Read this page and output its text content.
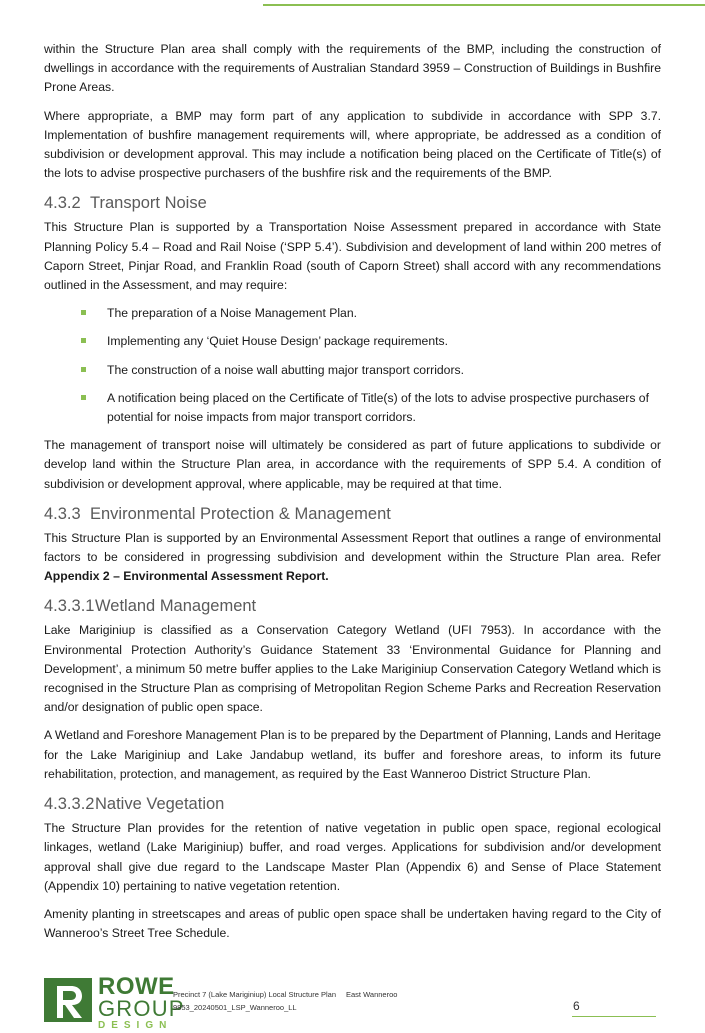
within the Structure Plan area shall comply with the requirements of the BMP, including the construction of dwellings in accordance with the requirements of Australian Standard 3959 – Construction of Buildings in Bushfire Prone Areas.

Where appropriate, a BMP may form part of any application to subdivide in accordance with SPP 3.7. Implementation of bushfire management requirements will, where appropriate, be addressed as a condition of subdivision or development approval. This may include a notification being placed on the Certificate of Title(s) of the lots to advise prospective purchasers of the bushfire risk and the requirements of the BMP.

4.3.2 Transport Noise

This Structure Plan is supported by a Transportation Noise Assessment prepared in accordance with State Planning Policy 5.4 – Road and Rail Noise (‘SPP 5.4’). Subdivision and development of land within 200 metres of Caporn Street, Pinjar Road, and Franklin Road (south of Caporn Street) shall accord with any recommendations outlined in the Assessment, and may require:

The preparation of a Noise Management Plan.
Implementing any ‘Quiet House Design’ package requirements.
The construction of a noise wall abutting major transport corridors.
A notification being placed on the Certificate of Title(s) of the lots to advise prospective purchasers of potential for noise impacts from major transport corridors.

The management of transport noise will ultimately be considered as part of future applications to subdivide or develop land within the Structure Plan area, in accordance with the requirements of SPP 5.4. A condition of subdivision or development approval, where applicable, may be required at that time.

4.3.3 Environmental Protection & Management

This Structure Plan is supported by an Environmental Assessment Report that outlines a range of environmental factors to be considered in progressing subdivision and development within the Structure Plan area. Refer Appendix 2 – Environmental Assessment Report.

4.3.3.1Wetland Management

Lake Mariginiup is classified as a Conservation Category Wetland (UFI 7953). In accordance with the Environmental Protection Authority’s Guidance Statement 33 ‘Environmental Guidance for Planning and Development’, a minimum 50 metre buffer applies to the Lake Mariginiup Conservation Category Wetland which is recognised in the Structure Plan as comprising of Metropolitan Region Scheme Parks and Recreation Reservation and/or designation of public open space.

A Wetland and Foreshore Management Plan is to be prepared by the Department of Planning, Lands and Heritage for the Lake Mariginiup and Lake Jandabup wetland, its buffer and foreshore areas, to inform its future rehabilitation, protection, and management, as required by the East Wanneroo District Structure Plan.

4.3.3.2Native Vegetation

The Structure Plan provides for the retention of native vegetation in public open space, regional ecological linkages, wetland (Lake Mariginiup) buffer, and road verges. Applications for subdivision and/or development approval shall give due regard to the Landscape Master Plan (Appendix 6) and Sense of Place Statement (Appendix 10) pertaining to native vegetation retention.

Amenity planting in streetscapes and areas of public open space shall be undertaken having regard to the City of Wanneroo’s Street Tree Schedule.

ROWE
GROUP
DESIGN
Precinct 7 (Lake Mariginiup) Local Structure Plan East Wanneroo
9853_20240501_LSP_Wanneroo_LL	6
